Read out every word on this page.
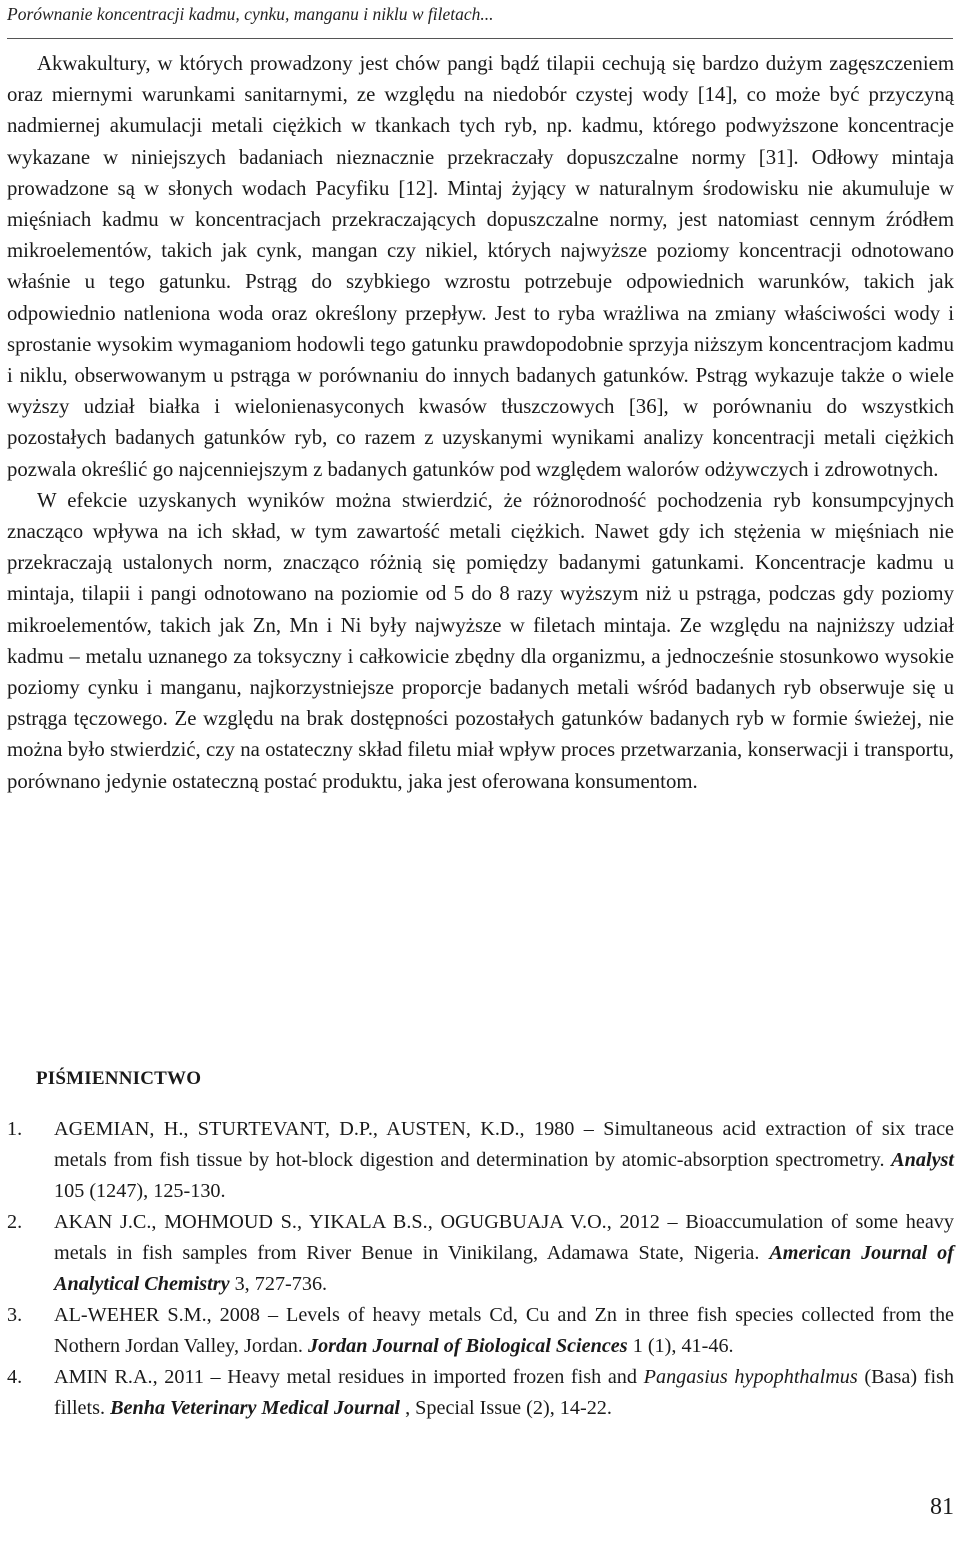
Porównanie koncentracji kadmu, cynku, manganu i niklu w filetach...

Akwakultury, w których prowadzony jest chów pangi bądź tilapii cechują się bardzo dużym zagęszczeniem oraz miernymi warunkami sanitarnymi, ze względu na niedobór czystej wody [14], co może być przyczyną nadmiernej akumulacji metali ciężkich w tkankach tych ryb, np. kadmu, którego podwyższone koncentracje wykazane w niniejszych badaniach nieznacznie przekraczały dopuszczalne normy [31]. Odłowy mintaja prowadzone są w słonych wodach Pacyfiku [12]. Mintaj żyjący w naturalnym środowisku nie akumuluje w mięśniach kadmu w koncentracjach przekraczających dopuszczalne normy, jest natomiast cennym źródłem mikroelementów, takich jak cynk, mangan czy nikiel, których najwyższe poziomy koncentracji odnotowano właśnie u tego gatunku. Pstrąg do szybkiego wzrostu potrzebuje odpowiednich warunków, takich jak odpowiednio natleniona woda oraz określony przepływ. Jest to ryba wrażliwa na zmiany właściwości wody i sprostanie wysokim wymaganiom hodowli tego gatunku prawdopodobnie sprzyja niższym koncentracjom kadmu i niklu, obserwowanym u pstrąga w porównaniu do innych badanych gatunków. Pstrąg wykazuje także o wiele wyższy udział białka i wielonienasyconych kwasów tłuszczowych [36], w porównaniu do wszystkich pozostałych badanych gatunków ryb, co razem z uzyskanymi wynikami analizy koncentracji metali ciężkich pozwala określić go najcenniejszym z badanych gatunków pod względem walorów odżywczych i zdrowotnych.

W efekcie uzyskanych wyników można stwierdzić, że różnorodność pochodzenia ryb konsumpcyjnych znacząco wpływa na ich skład, w tym zawartość metali ciężkich. Nawet gdy ich stężenia w mięśniach nie przekraczają ustalonych norm, znacząco różnią się pomiędzy badanymi gatunkami. Koncentracje kadmu u mintaja, tilapii i pangi odnotowano na poziomie od 5 do 8 razy wyższym niż u pstrąga, podczas gdy poziomy mikroelementów, takich jak Zn, Mn i Ni były najwyższe w filetach mintaja. Ze względu na najniższy udział kadmu – metalu uznanego za toksyczny i całkowicie zbędny dla organizmu, a jednocześnie stosunkowo wysokie poziomy cynku i manganu, najkorzystniejsze proporcje badanych metali wśród badanych ryb obserwuje się u pstrąga tęczowego. Ze względu na brak dostępności pozostałych gatunków badanych ryb w formie świeżej, nie można było stwierdzić, czy na ostateczny skład filetu miał wpływ proces przetwarzania, konserwacji i transportu, porównano jedynie ostateczną postać produktu, jaka jest oferowana konsumentom.

PIŚMIENNICTWO
1. AGEMIAN, H., STURTEVANT, D.P., AUSTEN, K.D., 1980 – Simultaneous acid extraction of six trace metals from fish tissue by hot-block digestion and determination by atomic-absorption spectrometry. Analyst 105 (1247), 125-130.
2. AKAN J.C., MOHMOUD S., YIKALA B.S., OGUGBUAJA V.O., 2012 – Bioaccumulation of some heavy metals in fish samples from River Benue in Vinikilang, Adamawa State, Nigeria. American Journal of Analytical Chemistry 3, 727-736.
3. AL-WEHER S.M., 2008 – Levels of heavy metals Cd, Cu and Zn in three fish species collected from the Nothern Jordan Valley, Jordan. Jordan Journal of Biological Sciences 1 (1), 41-46.
4. AMIN R.A., 2011 – Heavy metal residues in imported frozen fish and Pangasius hypophthalmus (Basa) fish fillets. Benha Veterinary Medical Journal , Special Issue (2), 14-22.
81
